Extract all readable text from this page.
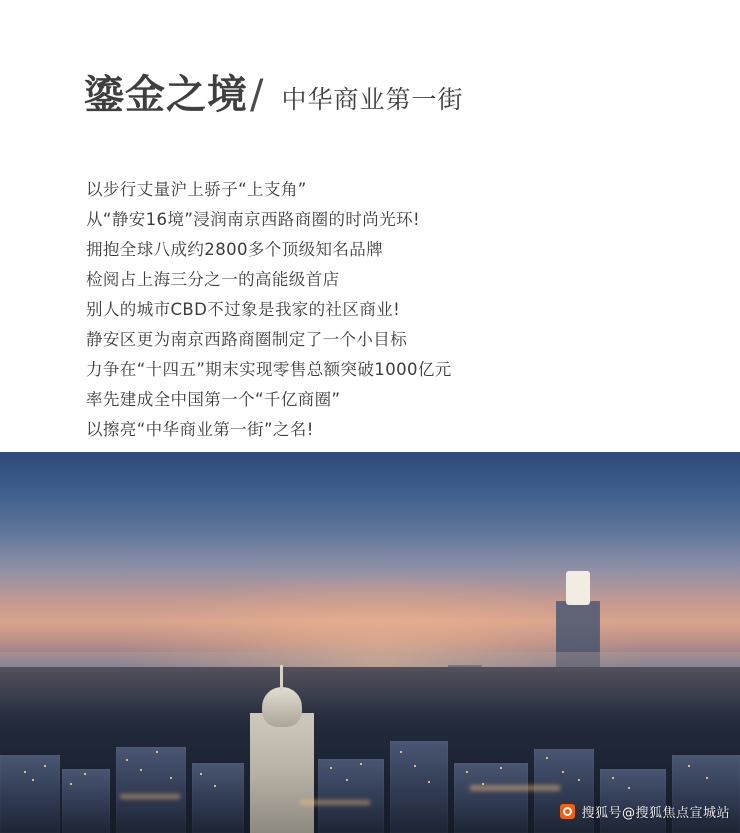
鎏金之境 / 中华商业第一街
以步行丈量沪上骄子“上支角”
从“静安16境”浸润南京西路商圈的时尚光环!
拥抱全球八成约2800多个顶级知名品牌
检阅占上海三分之一的高能级首店
别人的城市CBD不过象是我家的社区商业!
静安区更为南京西路商圈制定了一个小目标
力争在“十四五”期末实现零售总额突破1000亿元
率先建成全中国第一个“千亿商圈”
以擦亮“中华商业第一街”之名!
搜狐号@搜狐焦点宣城站
